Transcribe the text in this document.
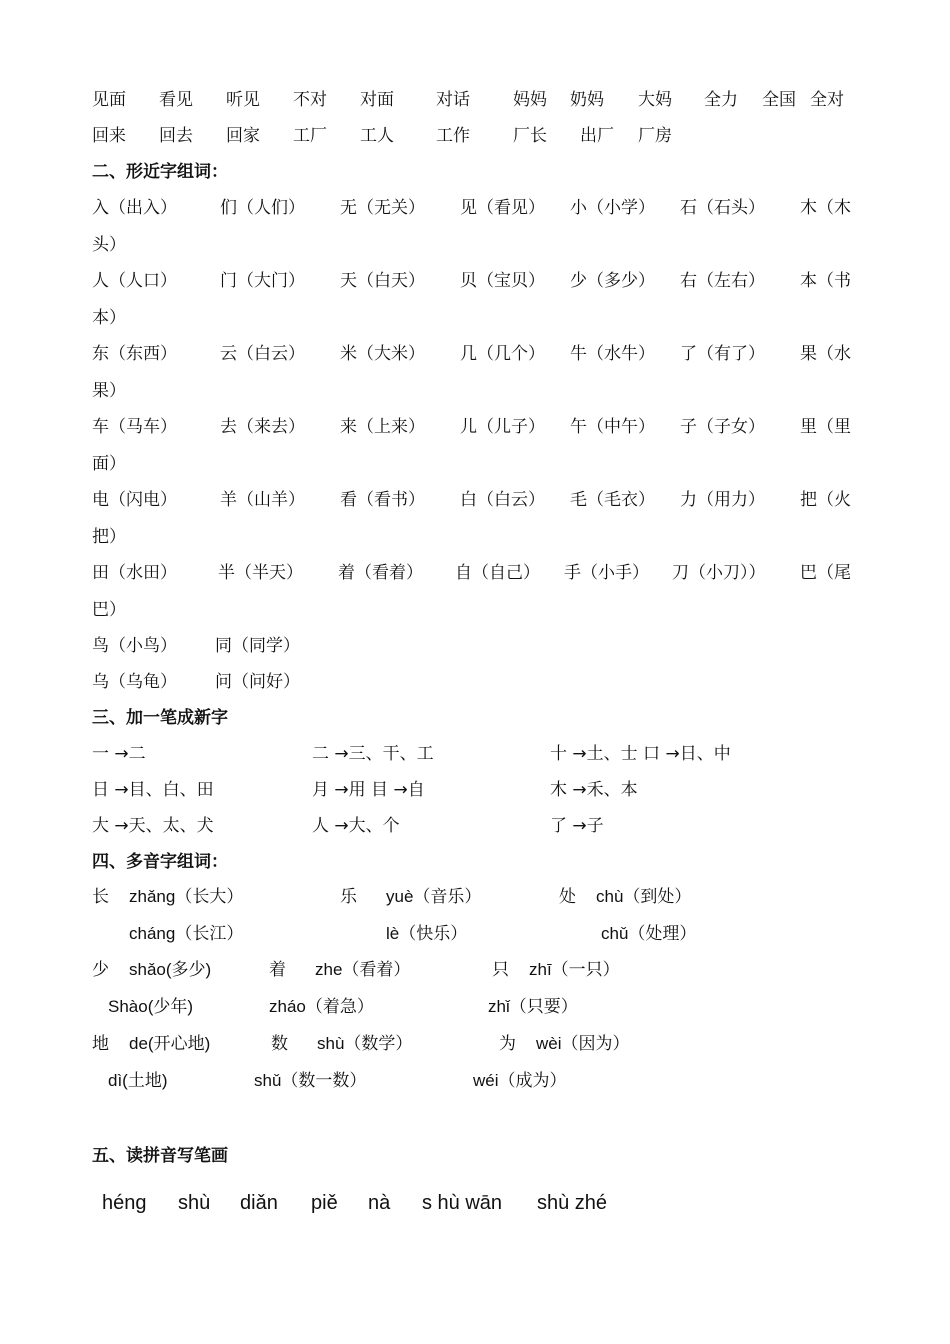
见面 看见 听见 不对 对面 对话	妈妈 奶妈 大妈 全力 全国 全对
回来 回去 回家 工厂 工人 工作	厂长 出厂 厂房
二、形近字组词：
入（出入）	们（人们） 无（无关） 见（看见） 小（小学） 石（石头） 木（木
头）
人（人口）	门（大门） 天（白天） 贝（宝贝） 少（多少） 右（左右） 本（书
本）
东（东西）	云（白云） 米（大米） 几（几个） 牛（水牛） 了（有了） 果（水
果）
车（马车）	去（来去） 来（上来） 儿（儿子） 午（中午） 子（子女） 里（里
面）
电（闪电）	羊（山羊） 看（看书） 白（白云） 毛（毛衣） 力（用力） 把（火
把）
田（水田） 半（半天） 着（看着） 自（自己） 手（小手） 刀（小刀）） 巴（尾
巴）
鸟（小鸟） 同（同学）
乌（乌龟） 问（问好）
三、加一笔成新字
一 →二	二 →三、干、工	十 →土、士 口 →日、中
日 →目、白、田	月 →用 目 →自	木 →禾、本
大 →天、太、犬	人 →大、个	了 →子
四、多音字组词：
长 zhǎng（长大）	乐 yuè（音乐）	处 chù（到处）
cháng（长江）	lè（快乐）	chǔ（处理）
少 shǎo(多少)	着 zhe（看着）	只 zhī（一只）
Shào(少年)	zháo（着急）	zhǐ（只要）
地 de(开心地)	数 shù（数学）	为 wèi（因为）
dì(土地)	shǔ（数一数）	wéi（成为）
五、读拼音写笔画
héng shù diǎn piě nà s hù wān shù zhé
